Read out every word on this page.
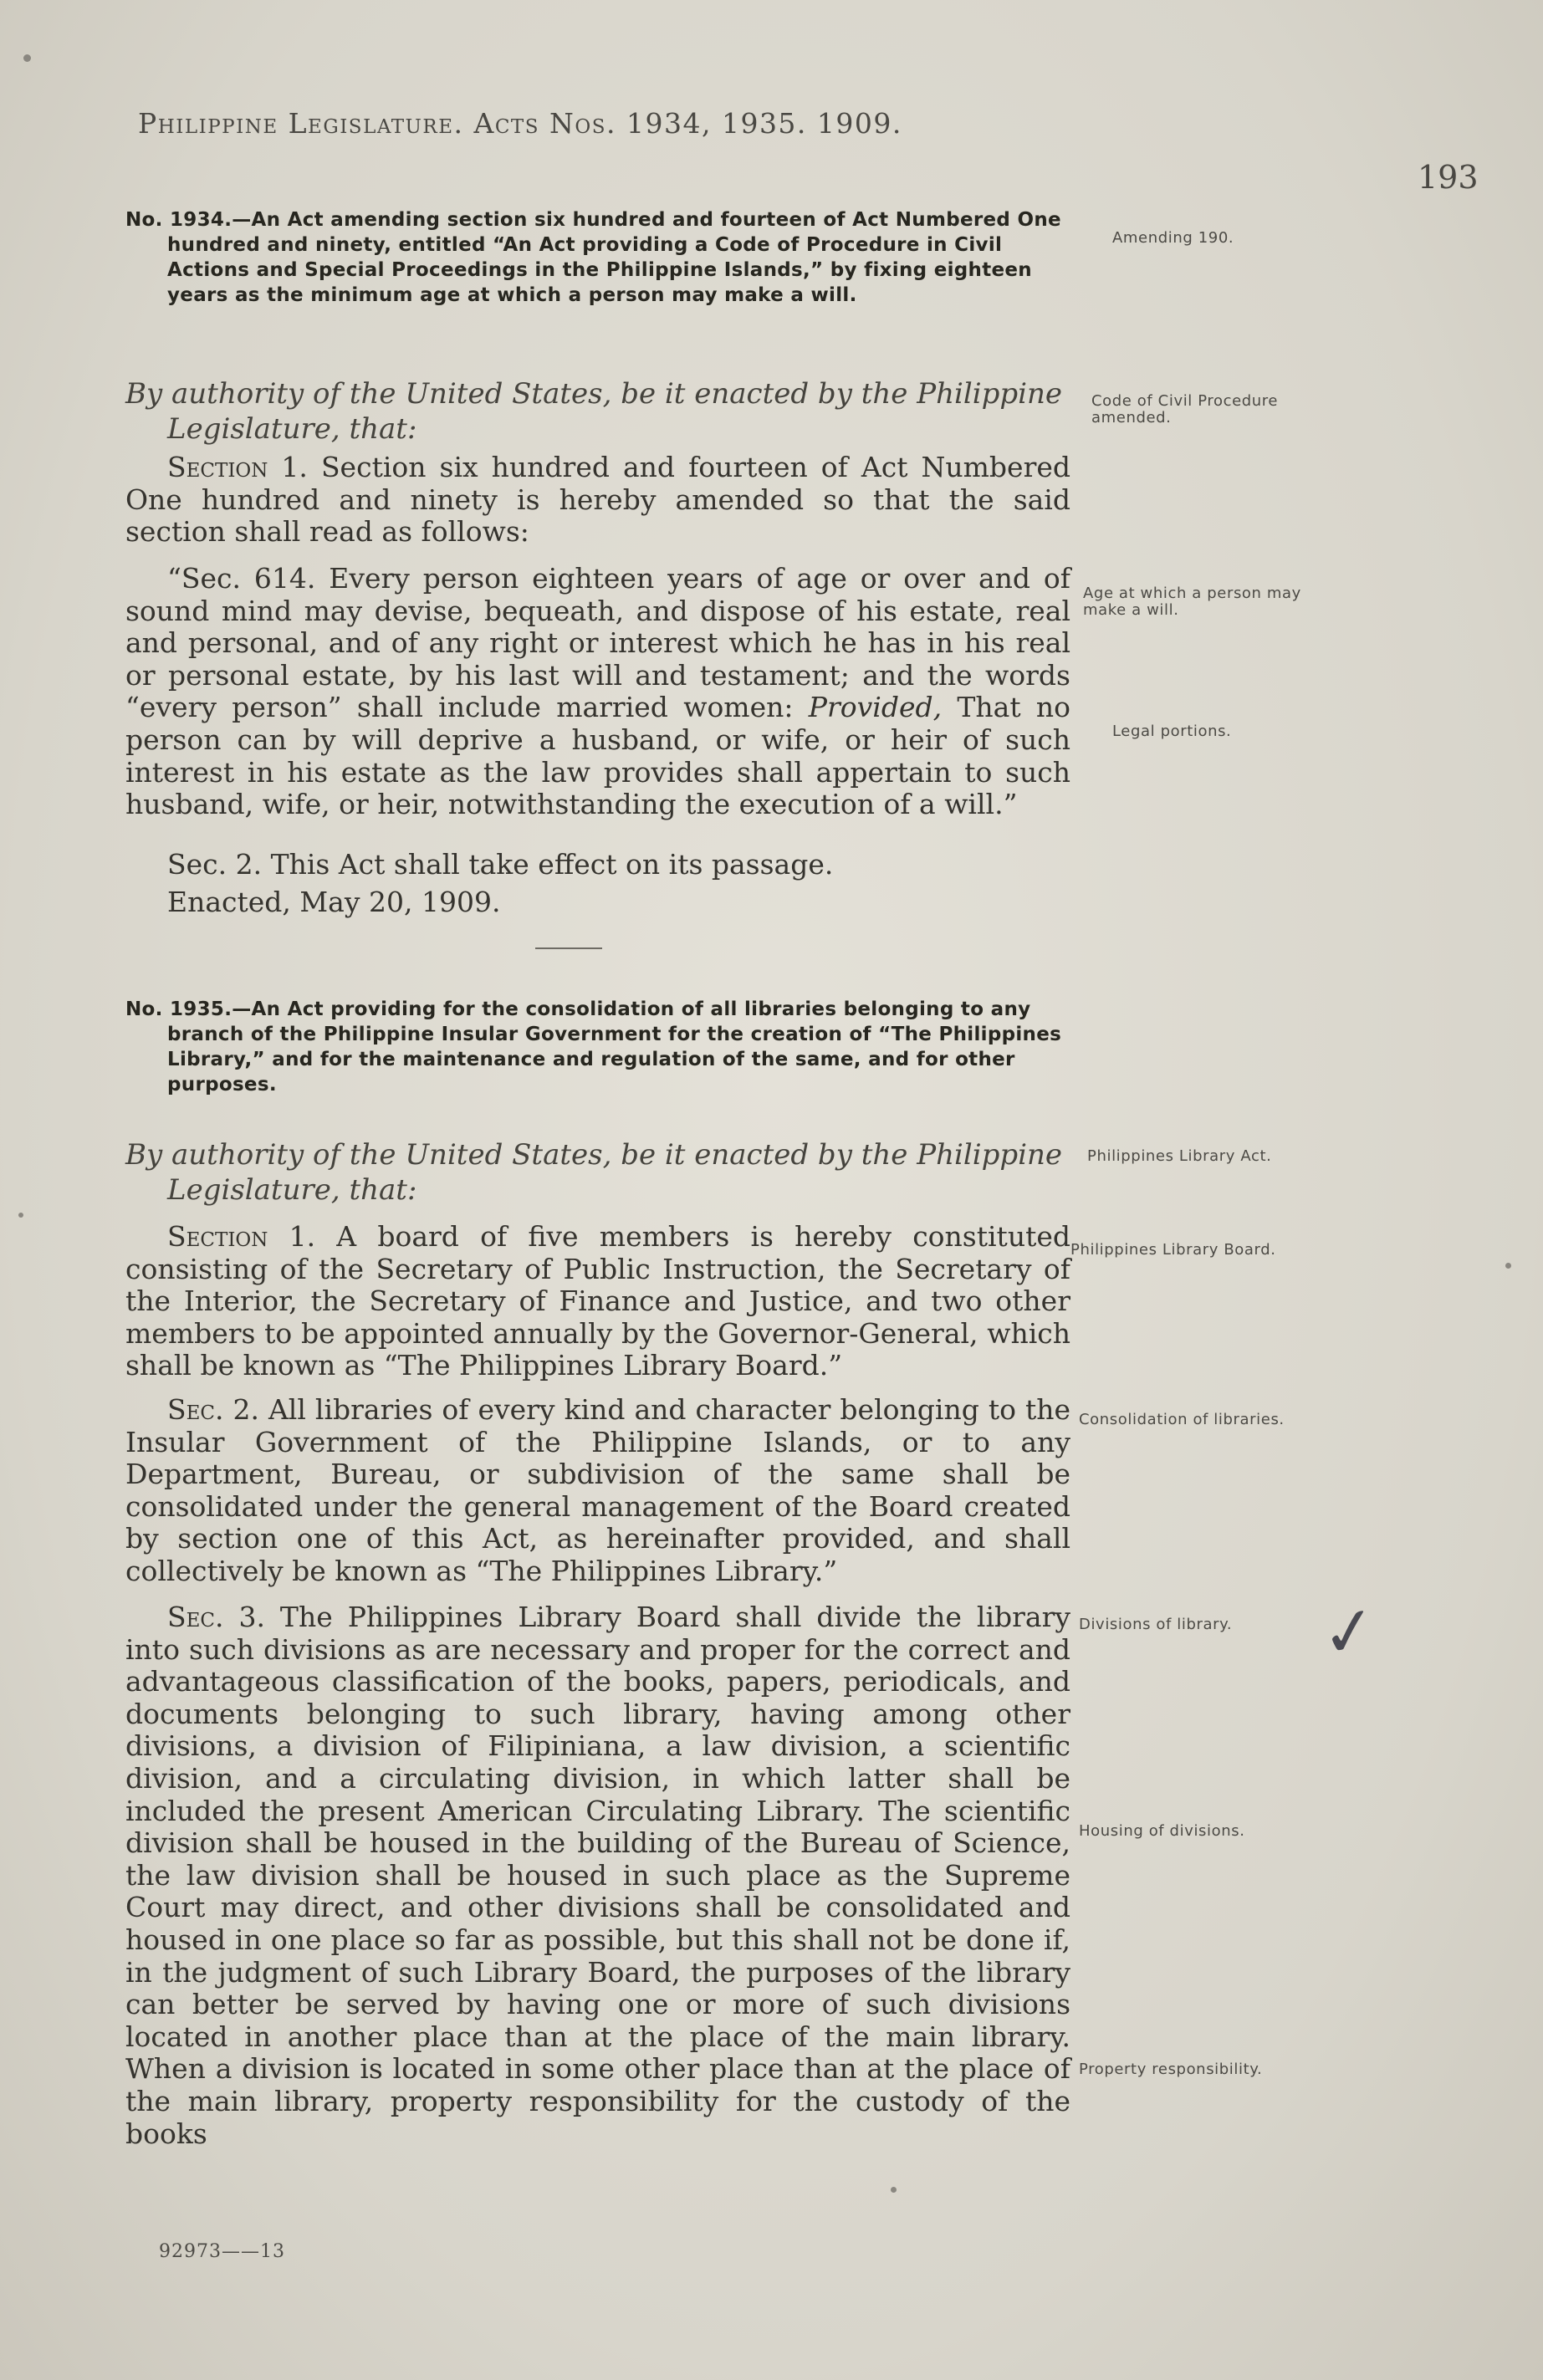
Philippine Legislature. Acts Nos. 1934, 1935. 1909.
193
No. 1934.—An Act amending section six hundred and fourteen of Act Numbered One hundred and ninety, entitled “An Act providing a Code of Procedure in Civil Actions and Special Proceedings in the Philippine Islands,” by fixing eighteen years as the minimum age at which a person may make a will.
By authority of the United States, be it enacted by the Philippine Legislature, that:
Section 1. Section six hundred and fourteen of Act Numbered One hundred and ninety is hereby amended so that the said section shall read as follows:
“Sec. 614. Every person eighteen years of age or over and of sound mind may devise, bequeath, and dispose of his estate, real and personal, and of any right or interest which he has in his real or personal estate, by his last will and testament; and the words “every person” shall include married women: Provided, That no person can by will deprive a husband, or wife, or heir of such interest in his estate as the law provides shall appertain to such husband, wife, or heir, notwithstanding the execution of a will.”
Sec. 2. This Act shall take effect on its passage.
Enacted, May 20, 1909.
No. 1935.—An Act providing for the consolidation of all libraries belonging to any branch of the Philippine Insular Government for the creation of “The Philippines Library,” and for the maintenance and regulation of the same, and for other purposes.
By authority of the United States, be it enacted by the Philippine Legislature, that:
Section 1. A board of five members is hereby constituted consisting of the Secretary of Public Instruction, the Secretary of the Interior, the Secretary of Finance and Justice, and two other members to be appointed annually by the Governor-General, which shall be known as “The Philippines Library Board.”
Sec. 2. All libraries of every kind and character belonging to the Insular Government of the Philippine Islands, or to any Department, Bureau, or subdivision of the same shall be consolidated under the general management of the Board created by section one of this Act, as hereinafter provided, and shall collectively be known as “The Philippines Library.”
Sec. 3. The Philippines Library Board shall divide the library into such divisions as are necessary and proper for the correct and advantageous classification of the books, papers, periodicals, and documents belonging to such library, having among other divisions, a division of Filipiniana, a law division, a scientific division, and a circulating division, in which latter shall be included the present American Circulating Library. The scientific division shall be housed in the building of the Bureau of Science, the law division shall be housed in such place as the Supreme Court may direct, and other divisions shall be consolidated and housed in one place so far as possible, but this shall not be done if, in the judgment of such Library Board, the purposes of the library can better be served by having one or more of such divisions located in another place than at the place of the main library. When a division is located in some other place than at the place of the main library, property responsibility for the custody of the books
Amending 190.
Code of Civil Procedure amended.
Age at which a person may make a will.
Legal portions.
Philippines Library Act.
Philippines Library Board.
Consolidation of libraries.
Divisions of library.
Housing of divisions.
Property responsibility.
✓
92973——13
